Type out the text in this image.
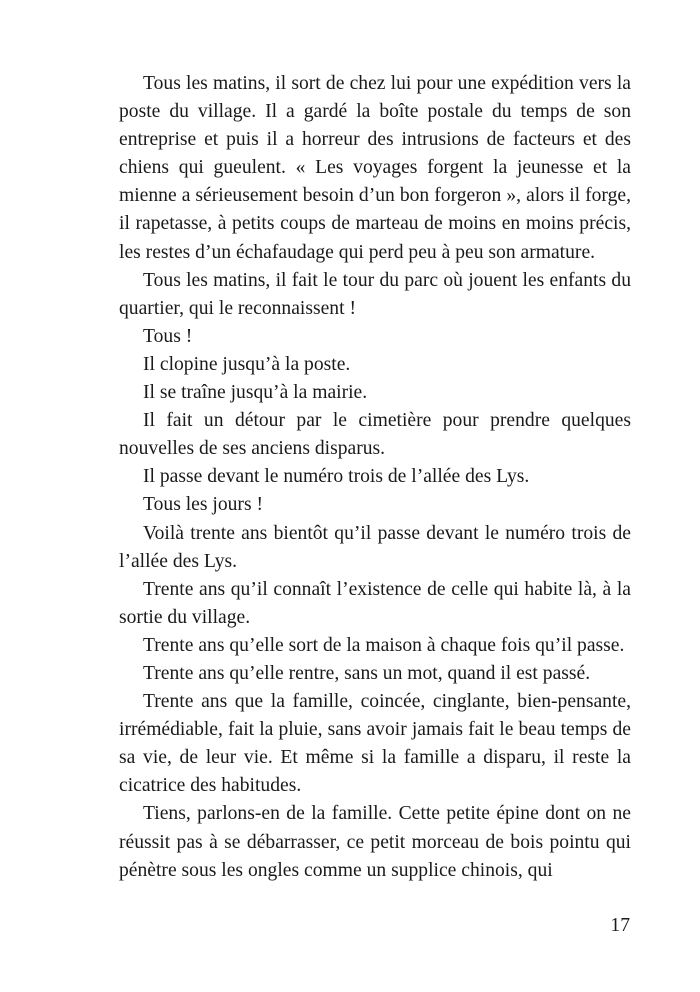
Tous les matins, il sort de chez lui pour une expédition vers la poste du village. Il a gardé la boîte postale du temps de son entreprise et puis il a horreur des intrusions de facteurs et des chiens qui gueulent. « Les voyages forgent la jeunesse et la mienne a sérieusement besoin d’un bon forgeron », alors il forge, il rapetasse, à petits coups de marteau de moins en moins précis, les restes d’un échafaudage qui perd peu à peu son armature.

Tous les matins, il fait le tour du parc où jouent les enfants du quartier, qui le reconnaissent !

Tous !

Il clopine jusqu’à la poste.

Il se traîne jusqu’à la mairie.

Il fait un détour par le cimetière pour prendre quelques nouvelles de ses anciens disparus.

Il passe devant le numéro trois de l’allée des Lys.

Tous les jours !

Voilà trente ans bientôt qu’il passe devant le numéro trois de l’allée des Lys.

Trente ans qu’il connaît l’existence de celle qui habite là, à la sortie du village.

Trente ans qu’elle sort de la maison à chaque fois qu’il passe.

Trente ans qu’elle rentre, sans un mot, quand il est passé.

Trente ans que la famille, coincée, cinglante, bien-pensante, irrémédiable, fait la pluie, sans avoir jamais fait le beau temps de sa vie, de leur vie. Et même si la famille a disparu, il reste la cicatrice des habitudes.

Tiens, parlons-en de la famille. Cette petite épine dont on ne réussit pas à se débarrasser, ce petit morceau de bois pointu qui pénètre sous les ongles comme un supplice chinois, qui

17
